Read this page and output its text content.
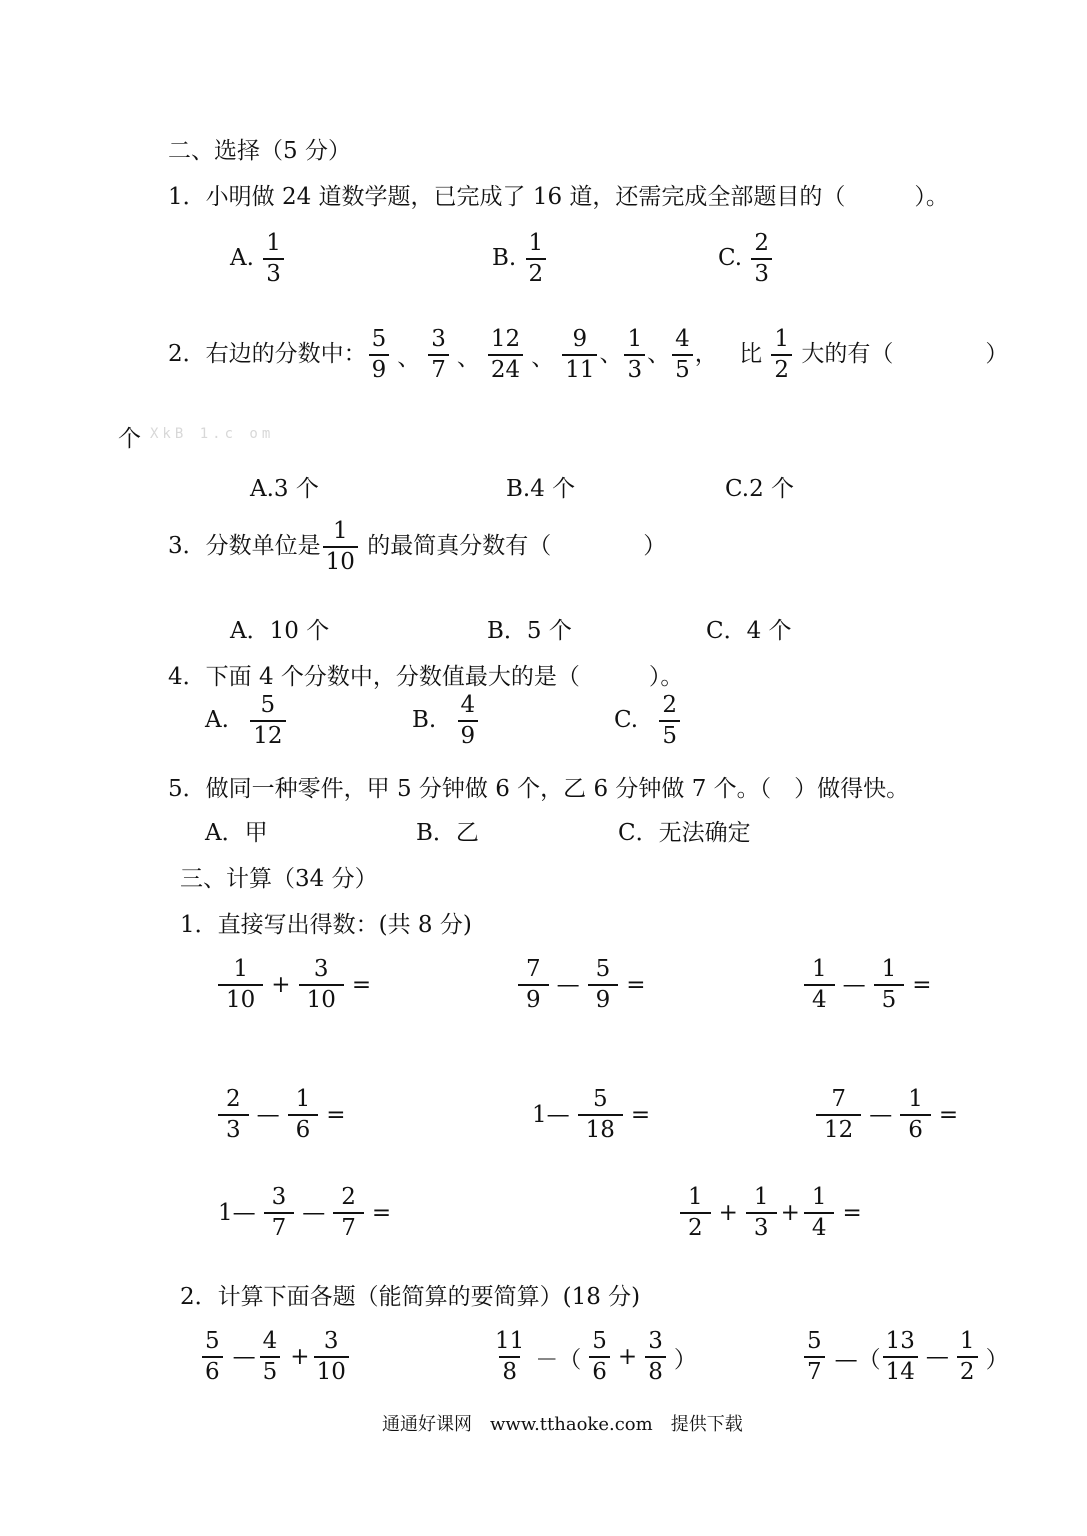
二、选择（5 分）
1．小明做 24 道数学题，已完成了 16 道，还需完成全部题目的（　　　）。
A. $\frac{1}{3}$	B. $\frac{1}{2}$	C. $\frac{2}{3}$
2．右边的分数中： $\frac{5}{9}$ 、 $\frac{3}{7}$ 、 $\frac{12}{24}$ 、 $\frac{9}{11}$ 、 $\frac{1}{3}$ 、 $\frac{4}{5}$ ， 比 $\frac{1}{2}$ 大的有（　　　　）
个 XkB 1.c om
A.3 个	B.4 个	C.2 个
3．分数单位是 $\frac{1}{10}$ 的最简真分数有（　　　　）
A．10 个	B．5 个	C．4 个
4．下面 4 个分数中，分数值最大的是（　　　）。
A. $\frac{5}{12}$	B. $\frac{4}{9}$	C. $\frac{2}{5}$
5．做同一种零件，甲 5 分钟做 6 个，乙 6 分钟做 7 个。（　）做得快。
A．甲	B．乙	C．无法确定
三、计算（34 分）
1．直接写出得数：(共 8 分)
$\frac{1}{10} + \frac{3}{10}$ =	$\frac{7}{9}$ — $\frac{5}{9}$ =	$\frac{1}{4}$ — $\frac{1}{5}$ =
$\frac{2}{3}$ — $\frac{1}{6}$ =	1— $\frac{5}{18}$ =	$\frac{7}{12}$ — $\frac{1}{6}$ =
1— $\frac{3}{7}$ — $\frac{2}{7}$ =	$\frac{1}{2} + \frac{1}{3} + \frac{1}{4}$ =
2．计算下面各题（能简算的要简算）(18 分)
$\frac{5}{6}$ — $\frac{4}{5} + \frac{3}{10}$	$\frac{11}{8}$ －（ $\frac{5}{6} + \frac{3}{8}$ ）	$\frac{5}{7}$ —（ $\frac{13}{14}$ — $\frac{1}{2}$ ）
通通好课网　www.tthaoke.com　提供下载
